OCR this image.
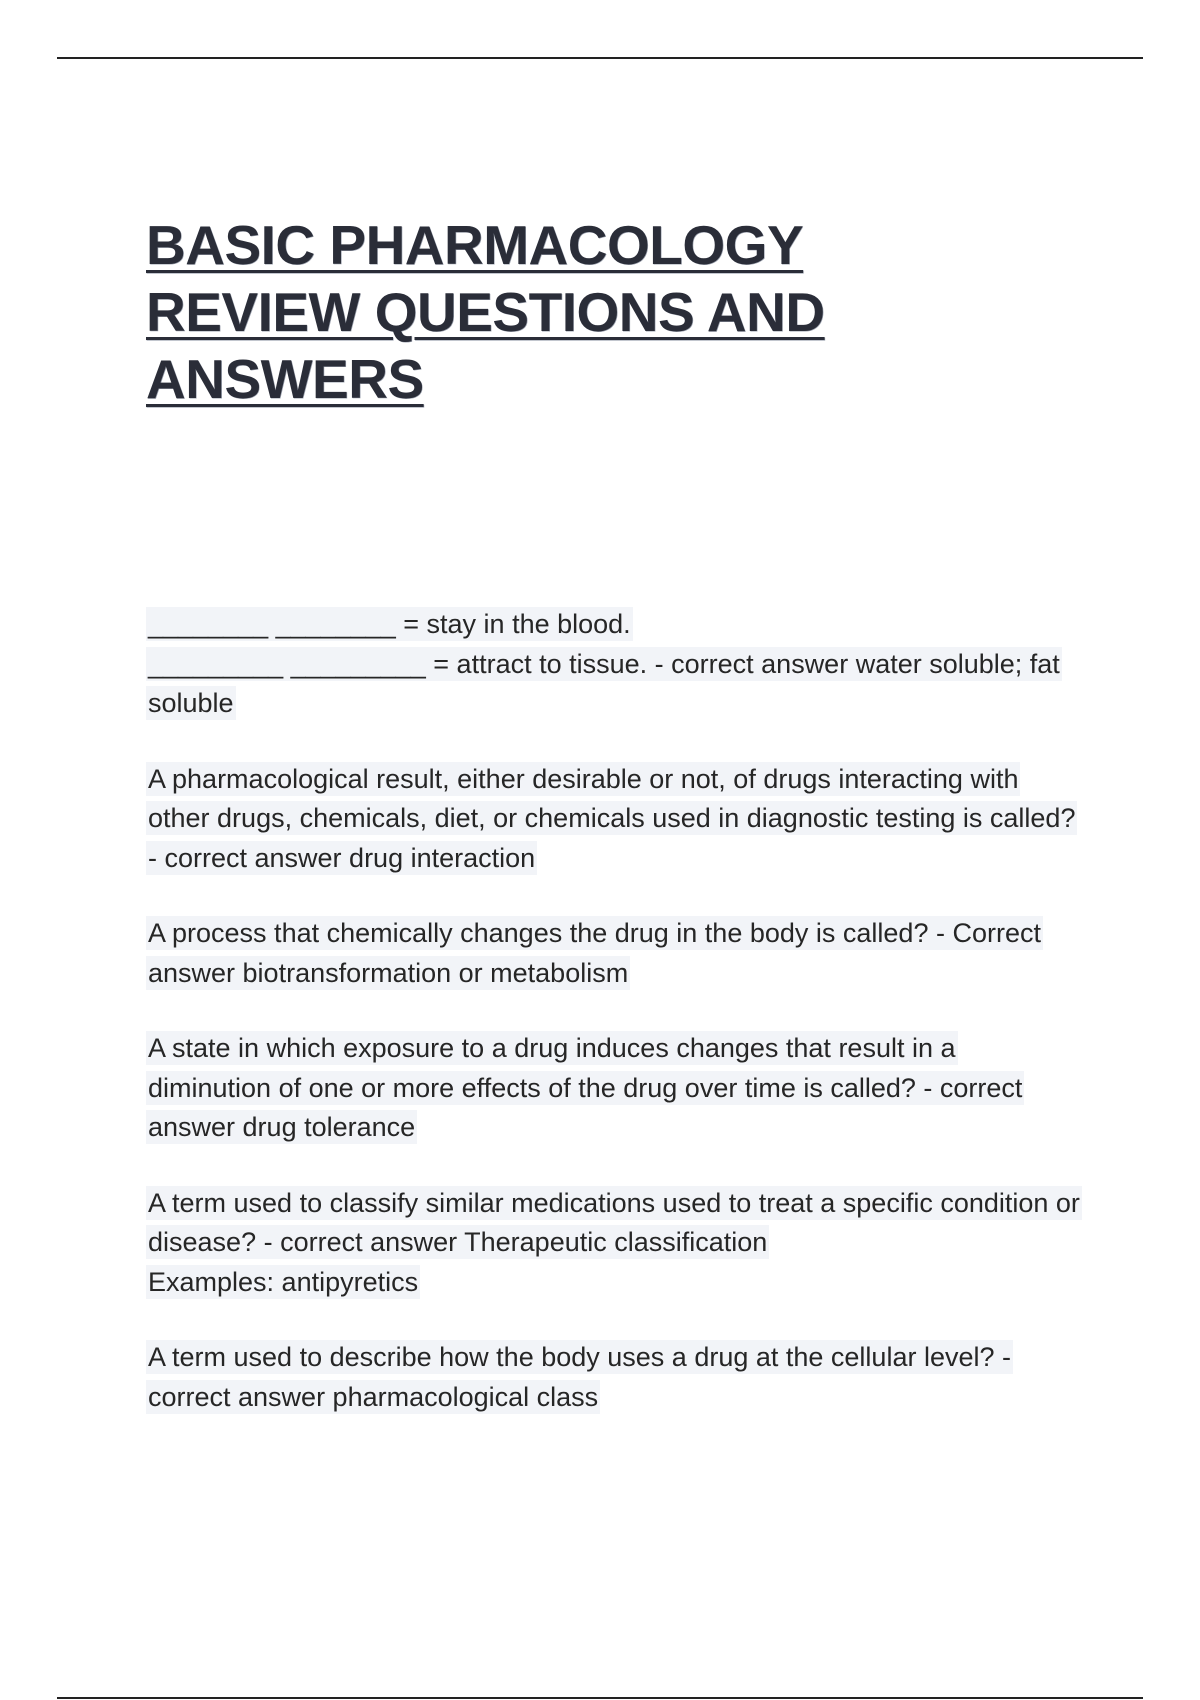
BASIC PHARMACOLOGY REVIEW QUESTIONS AND ANSWERS

________ ________ = stay in the blood.
_________ _________ = attract to tissue. - correct answer water soluble; fat soluble

A pharmacological result, either desirable or not, of drugs interacting with other drugs, chemicals, diet, or chemicals used in diagnostic testing is called? - correct answer drug interaction

A process that chemically changes the drug in the body is called? - Correct answer biotransformation or metabolism

A state in which exposure to a drug induces changes that result in a diminution of one or more effects of the drug over time is called? - correct answer drug tolerance

A term used to classify similar medications used to treat a specific condition or disease? - correct answer Therapeutic classification
Examples: antipyretics

A term used to describe how the body uses a drug at the cellular level? - correct answer pharmacological class
